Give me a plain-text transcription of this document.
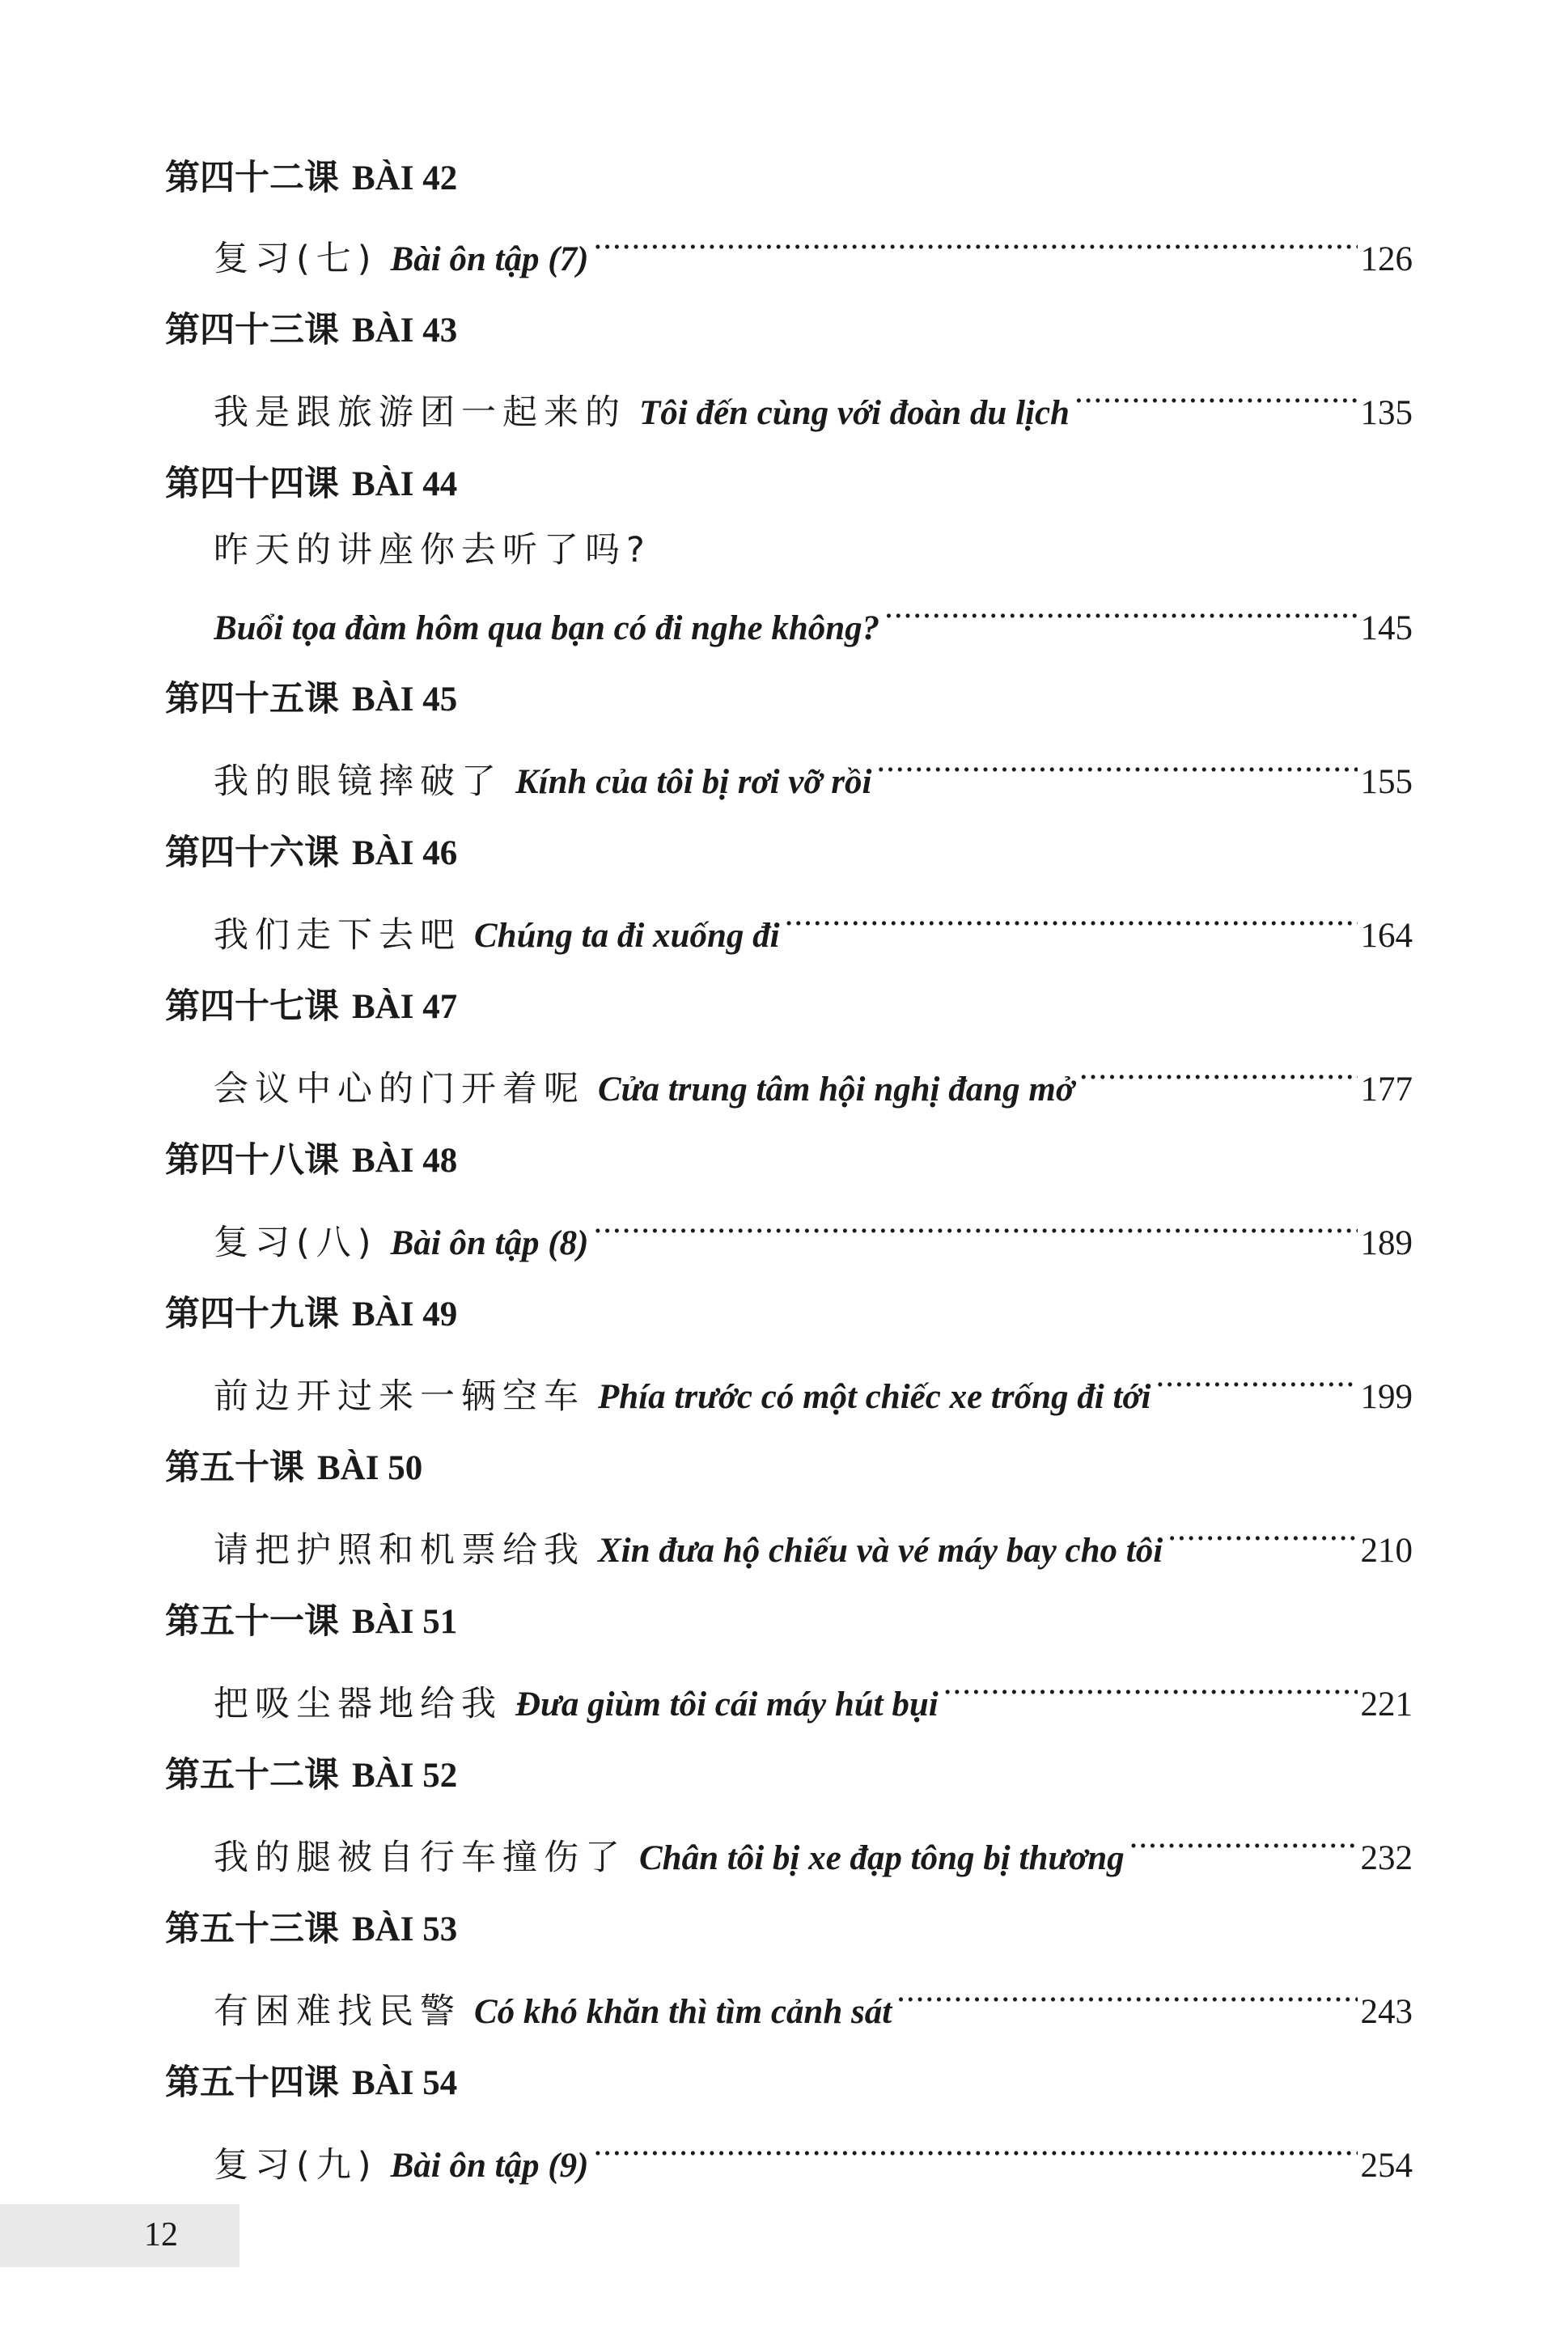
第四十二课 BÀI 42
复习(七) Bài ôn tập (7) .....	126
第四十三课 BÀI 43
我是跟旅游团一起来的 Tôi đến cùng với đoàn du lịch .....	135
第四十四课 BÀI 44
昨天的讲座你去听了吗?
Buổi tọa đàm hôm qua bạn có đi nghe không? .....	145
第四十五课 BÀI 45
我的眼镜摔破了 Kính của tôi bị rơi vỡ rồi .....	155
第四十六课 BÀI 46
我们走下去吧 Chúng ta đi xuống đi .....	164
第四十七课 BÀI 47
会议中心的门开着呢 Cửa trung tâm hội nghị đang mở .....	177
第四十八课 BÀI 48
复习(八) Bài ôn tập (8) .....	189
第四十九课 BÀI 49
前边开过来一辆空车 Phía trước có một chiếc xe trống đi tới .....	199
第五十课 BÀI 50
请把护照和机票给我 Xin đưa hộ chiếu và vé máy bay cho tôi .....	210
第五十一课 BÀI 51
把吸尘器地给我 Đưa giùm tôi cái máy hút bụi .....	221
第五十二课 BÀI 52
我的腿被自行车撞伤了 Chân tôi bị xe đạp tông bị thương .....	232
第五十三课 BÀI 53
有困难找民警 Có khó khăn thì tìm cảnh sát .....	243
第五十四课 BÀI 54
复习(九) Bài ôn tập (9) .....	254
12
